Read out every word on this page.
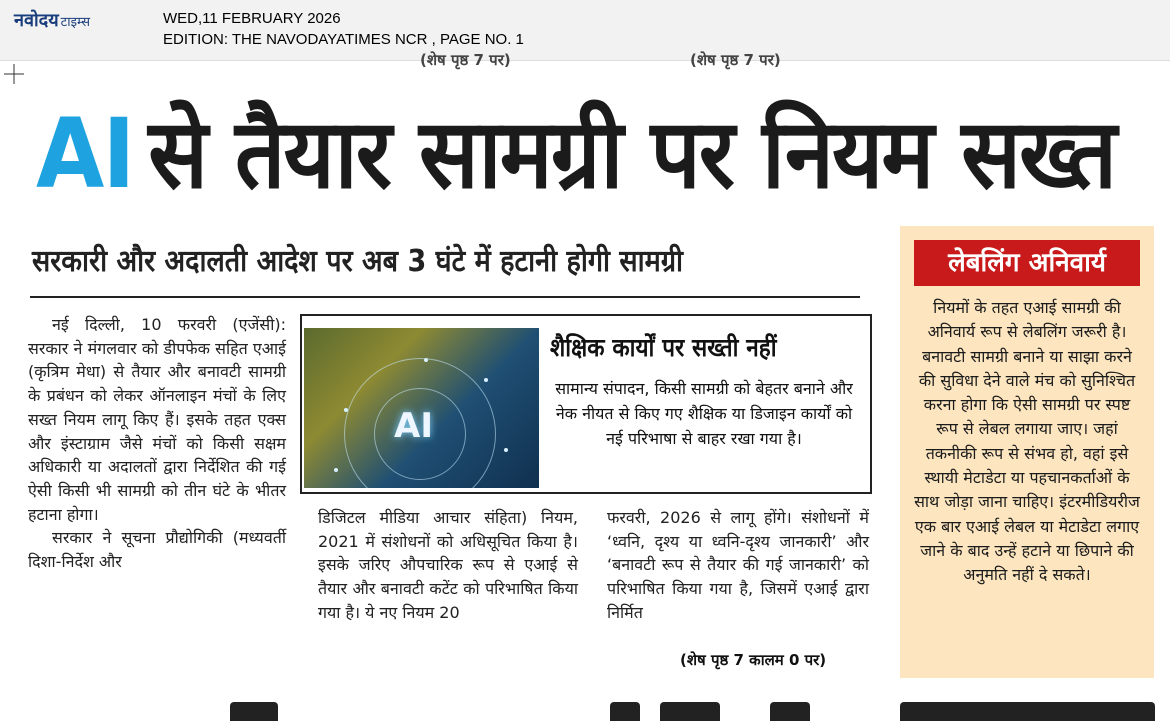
नवोदय टाइम्स	WED,11 FEBRUARY 2026
EDITION: THE NAVODAYATIMES NCR , PAGE NO. 1
(शेष पृष्ठ 7 पर)	(शेष पृष्ठ 7 पर)
AI से तैयार सामग्री पर नियम सख्त
सरकारी और अदालती आदेश पर अब 3 घंटे में हटानी होगी सामग्री

नई दिल्ली, 10 फरवरी (एजेंसी): सरकार ने मंगलवार को डीपफेक सहित एआई (कृत्रिम मेधा) से तैयार और बनावटी सामग्री के प्रबंधन को लेकर ऑनलाइन मंचों के लिए सख्त नियम लागू किए हैं। इसके तहत एक्स और इंस्टाग्राम जैसे मंचों को किसी सक्षम अधिकारी या अदालतों द्वारा निर्देशित की गई ऐसी किसी भी सामग्री को तीन घंटे के भीतर हटाना होगा।

सरकार ने सूचना प्रौद्योगिकी (मध्यवर्ती दिशा-निर्देश और

AI
शैक्षिक कार्यों पर सख्ती नहीं
सामान्य संपादन, किसी सामग्री को बेहतर बनाने और नेक नीयत से किए गए शैक्षिक या डिजाइन कार्यों को नई परिभाषा से बाहर रखा गया है।

डिजिटल मीडिया आचार संहिता) नियम, 2021 में संशोधनों को अधिसूचित किया है। इसके जरिए औपचारिक रूप से एआई से तैयार और बनावटी कटेंट को परिभाषित किया गया है। ये नए नियम 20

फरवरी, 2026 से लागू होंगे। संशोधनों में ‘ध्वनि, दृश्य या ध्वनि-दृश्य जानकारी’ और ‘बनावटी रूप से तैयार की गई जानकारी’ को परिभाषित किया गया है, जिसमें एआई द्वारा निर्मित

(शेष पृष्ठ 7 कालम 0 पर)
लेबलिंग अनिवार्य
नियमों के तहत एआई सामग्री की अनिवार्य रूप से लेबलिंग जरूरी है। बनावटी सामग्री बनाने या साझा करने की सुविधा देने वाले मंच को सुनिश्चित करना होगा कि ऐसी सामग्री पर स्पष्ट रूप से लेबल लगाया जाए। जहां तकनीकी रूप से संभव हो, वहां इसे स्थायी मेटाडेटा या पहचानकर्ताओं के साथ जोड़ा जाना चाहिए। इंटरमीडियरीज एक बार एआई लेबल या मेटाडेटा लगाए जाने के बाद उन्हें हटाने या छिपाने की अनुमति नहीं दे सकते।
